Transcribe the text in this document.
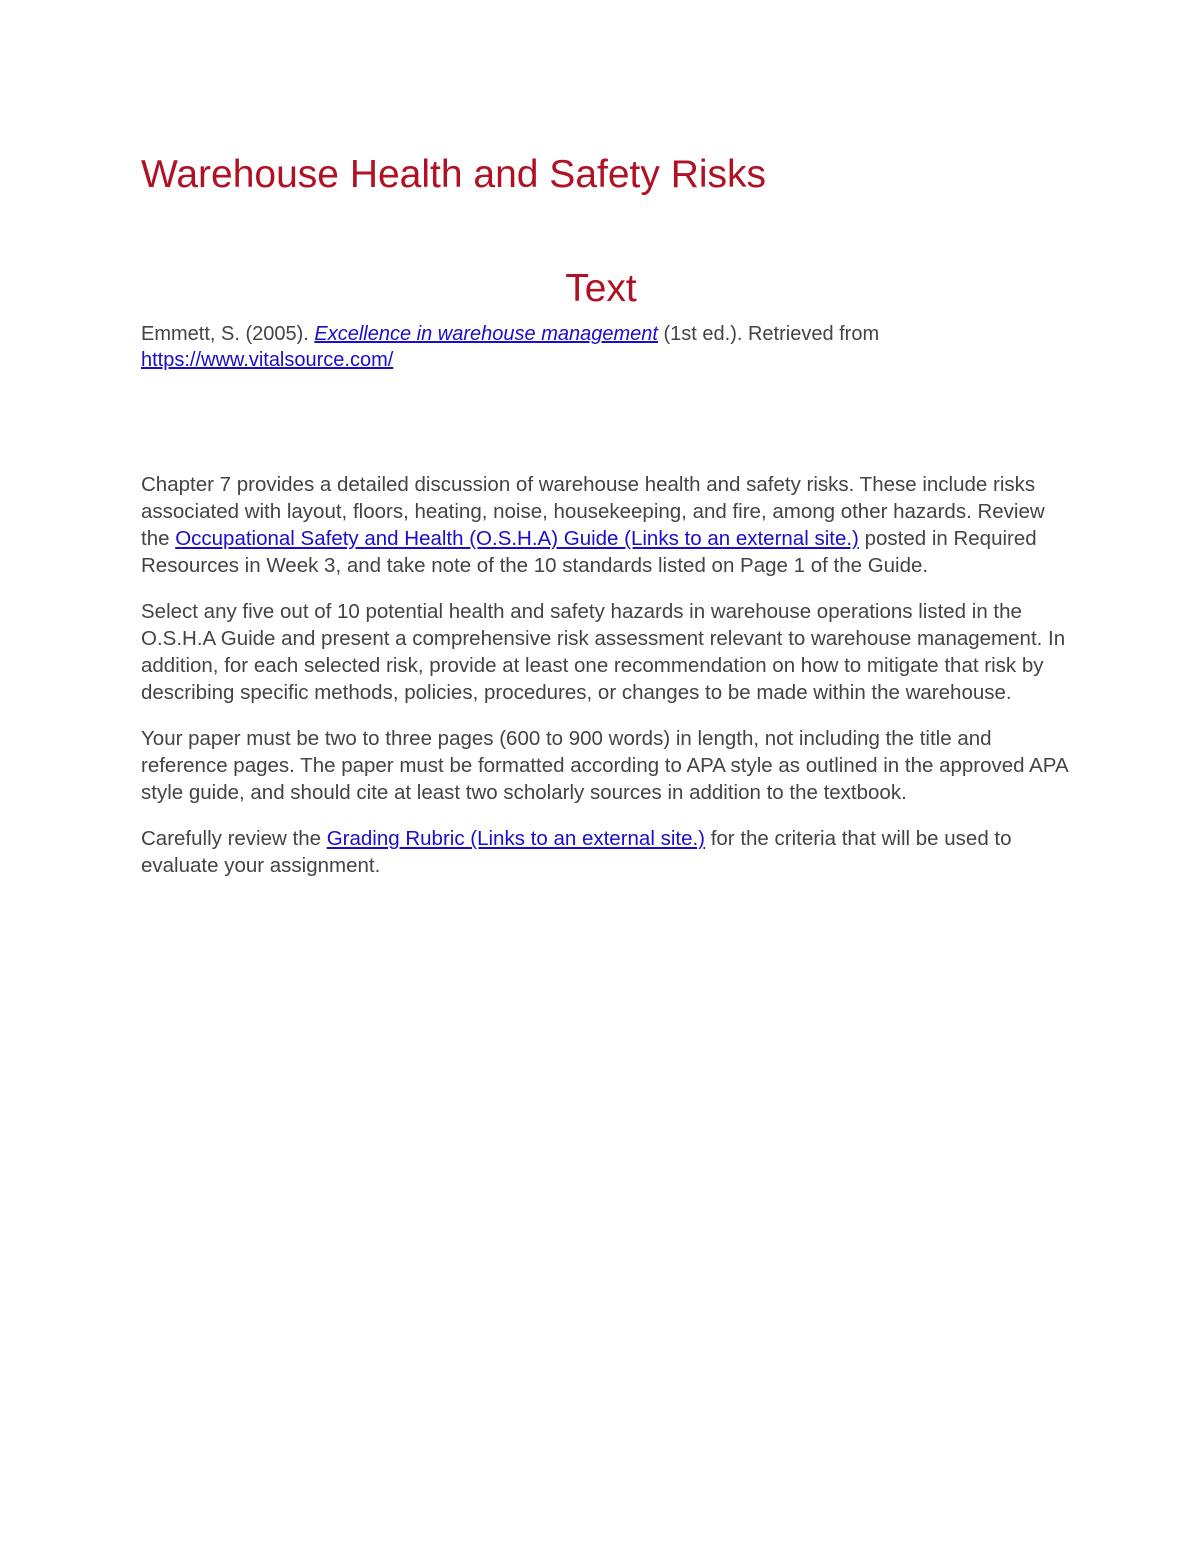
Warehouse Health and Safety Risks
Text

Emmett, S. (2005). Excellence in warehouse management (1st ed.). Retrieved from
https://www.vitalsource.com/

Chapter 7 provides a detailed discussion of warehouse health and safety risks. These include risks associated with layout, floors, heating, noise, housekeeping, and fire, among other hazards. Review the Occupational Safety and Health (O.S.H.A) Guide (Links to an external site.) posted in Required Resources in Week 3, and take note of the 10 standards listed on Page 1 of the Guide.

Select any five out of 10 potential health and safety hazards in warehouse operations listed in the O.S.H.A Guide and present a comprehensive risk assessment relevant to warehouse management. In addition, for each selected risk, provide at least one recommendation on how to mitigate that risk by describing specific methods, policies, procedures, or changes to be made within the warehouse.

Your paper must be two to three pages (600 to 900 words) in length, not including the title and reference pages. The paper must be formatted according to APA style as outlined in the approved APA style guide, and should cite at least two scholarly sources in addition to the textbook.

Carefully review the Grading Rubric (Links to an external site.) for the criteria that will be used to evaluate your assignment.
